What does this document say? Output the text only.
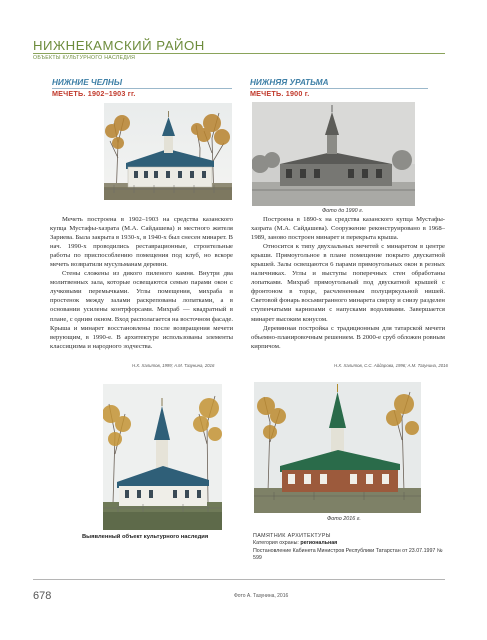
НИЖНЕКАМСКИЙ РАЙОН
ОБЪЕКТЫ КУЛЬТУРНОГО НАСЛЕДИЯ
НИЖНИЕ ЧЕЛНЫ
МЕЧЕТЬ. 1902–1903 гг.
НИЖНЯЯ УРАТЬМА
МЕЧЕТЬ. 1900 г.
Фото до 1990 г.

Мечеть построена в 1902–1903 на средства казанского купца Мустафы-хазрата (М.А. Сайдашева) и местного жителя Зариева. Была закрыта в 1930-х, в 1940-х был снесен минарет. В нач. 1990-х проводились реставрационные, строительные работы по приспособлению помещения под клуб, но вскоре мечеть возвратили мусульманам деревни.

Стены сложены из дикого пиленого камня. Внутри два молитвенных зала, которые освещаются семью парами окон с лучковыми перемычками. Углы помещения, михраба и простенок между залами раскрепованы лопатками, а в основании усилены контрфорсами. Михраб — квадратный в плане, с одним окном. Вход располагается на восточном фасаде. Крыша и минарет восстановлены после возвращения мечети верующим, в 1990-е. В архитектуре использованы элементы классицизма и народного зодчества.

Н.Х. Халитов, 1999; А.М. Тазунина, 2016

Построена в 1890-х на средства казанского купца Мустафы-хазрата (М.А. Сайдашева). Сооружение реконструировано в 1968–1989, заново построен минарет и перекрыта крыша.

Относится к типу двухзальных мечетей с минаретом в центре крыши. Прямоугольное в плане помещение покрыто двускатной крышей. Залы освещаются 6 парами прямоугольных окон в резных наличниках. Углы и выступы поперечных стен обработаны лопатками. Михраб прямоугольный под двускатной крышей с фронтоном в торце, расчлененным полуциркульной нишей. Световой фонарь восьмигранного минарета сверху и снизу разделен ступенчатыми карнизами с напусками водоливами. Завершается минарет высоким конусом.

Деревянная постройка с традиционным для татарской мечети объемно-планировочным решением. В 2000-е сруб обложен ровным кирпичом.

Н.Х. Халитов, С.С. Айдарова, 1996; А.М. Тазунина, 2016
Фото 2016 г.
Выявленный объект культурного наследия	ПАМЯТНИК АРХИТЕКТУРЫ
Категория охраны: региональная
Постановление Кабинета Министров Республики Татарстан от 23.07.1997 № 599
678	Фото А. Тазунина, 2016
